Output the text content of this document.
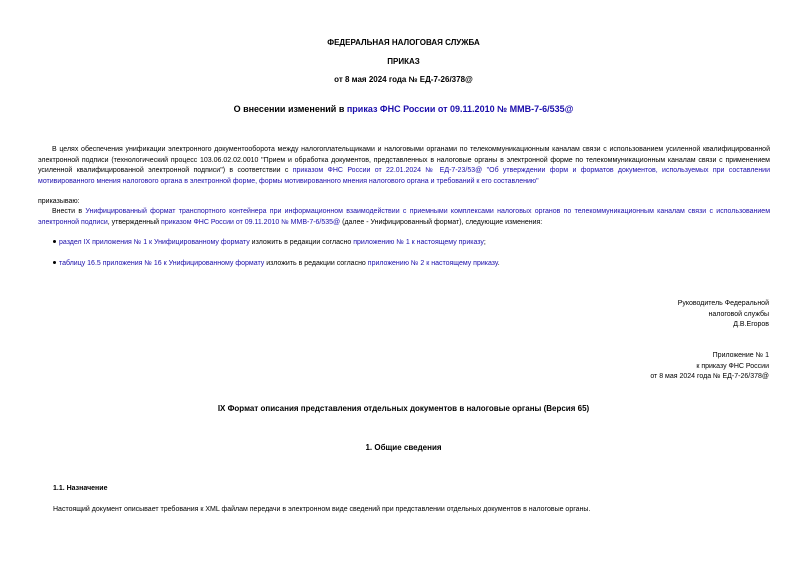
ФЕДЕРАЛЬНАЯ НАЛОГОВАЯ СЛУЖБА
ПРИКАЗ
от 8 мая 2024 года № ЕД-7-26/378@
О внесении изменений в приказ ФНС России от 09.11.2010 № ММВ-7-6/535@
В целях обеспечения унификации электронного документооборота между налогоплательщиками и налоговыми органами по телекоммуникационным каналам связи с использованием усиленной квалифицированной электронной подписи (технологический процесс 103.06.02.02.0010 "Прием и обработка документов, представленных в налоговые органы в электронной форме по телекоммуникационным каналам связи с применением усиленной квалифицированной электронной подписи") в соответствии с приказом ФНС России от 22.01.2024 № ЕД-7-23/53@ "Об утверждении форм и форматов документов, используемых при составлении мотивированного мнения налогового органа в электронной форме, формы мотивированного мнения налогового органа и требований к его составлению"
приказываю:
Внести в Унифицированный формат транспортного контейнера при информационном взаимодействии с приемными комплексами налоговых органов по телекоммуникационным каналам связи с использованием электронной подписи, утвержденный приказом ФНС России от 09.11.2010 № ММВ-7-6/535@ (далее - Унифицированный формат), следующие изменения:
раздел IX приложения № 1 к Унифицированному формату изложить в редакции согласно приложению № 1 к настоящему приказу;
таблицу 16.5 приложения № 16 к Унифицированному формату изложить в редакции согласно приложению № 2 к настоящему приказу.
Руководитель Федеральной
налоговой службы
Д.В.Егоров
Приложение № 1
к приказу ФНС России
от 8 мая 2024 года № ЕД-7-26/378@
IX Формат описания представления отдельных документов в налоговые органы (Версия 65)
1. Общие сведения
1.1. Назначение
Настоящий документ описывает требования к XML файлам передачи в электронном виде сведений при представлении отдельных документов в налоговые органы.
